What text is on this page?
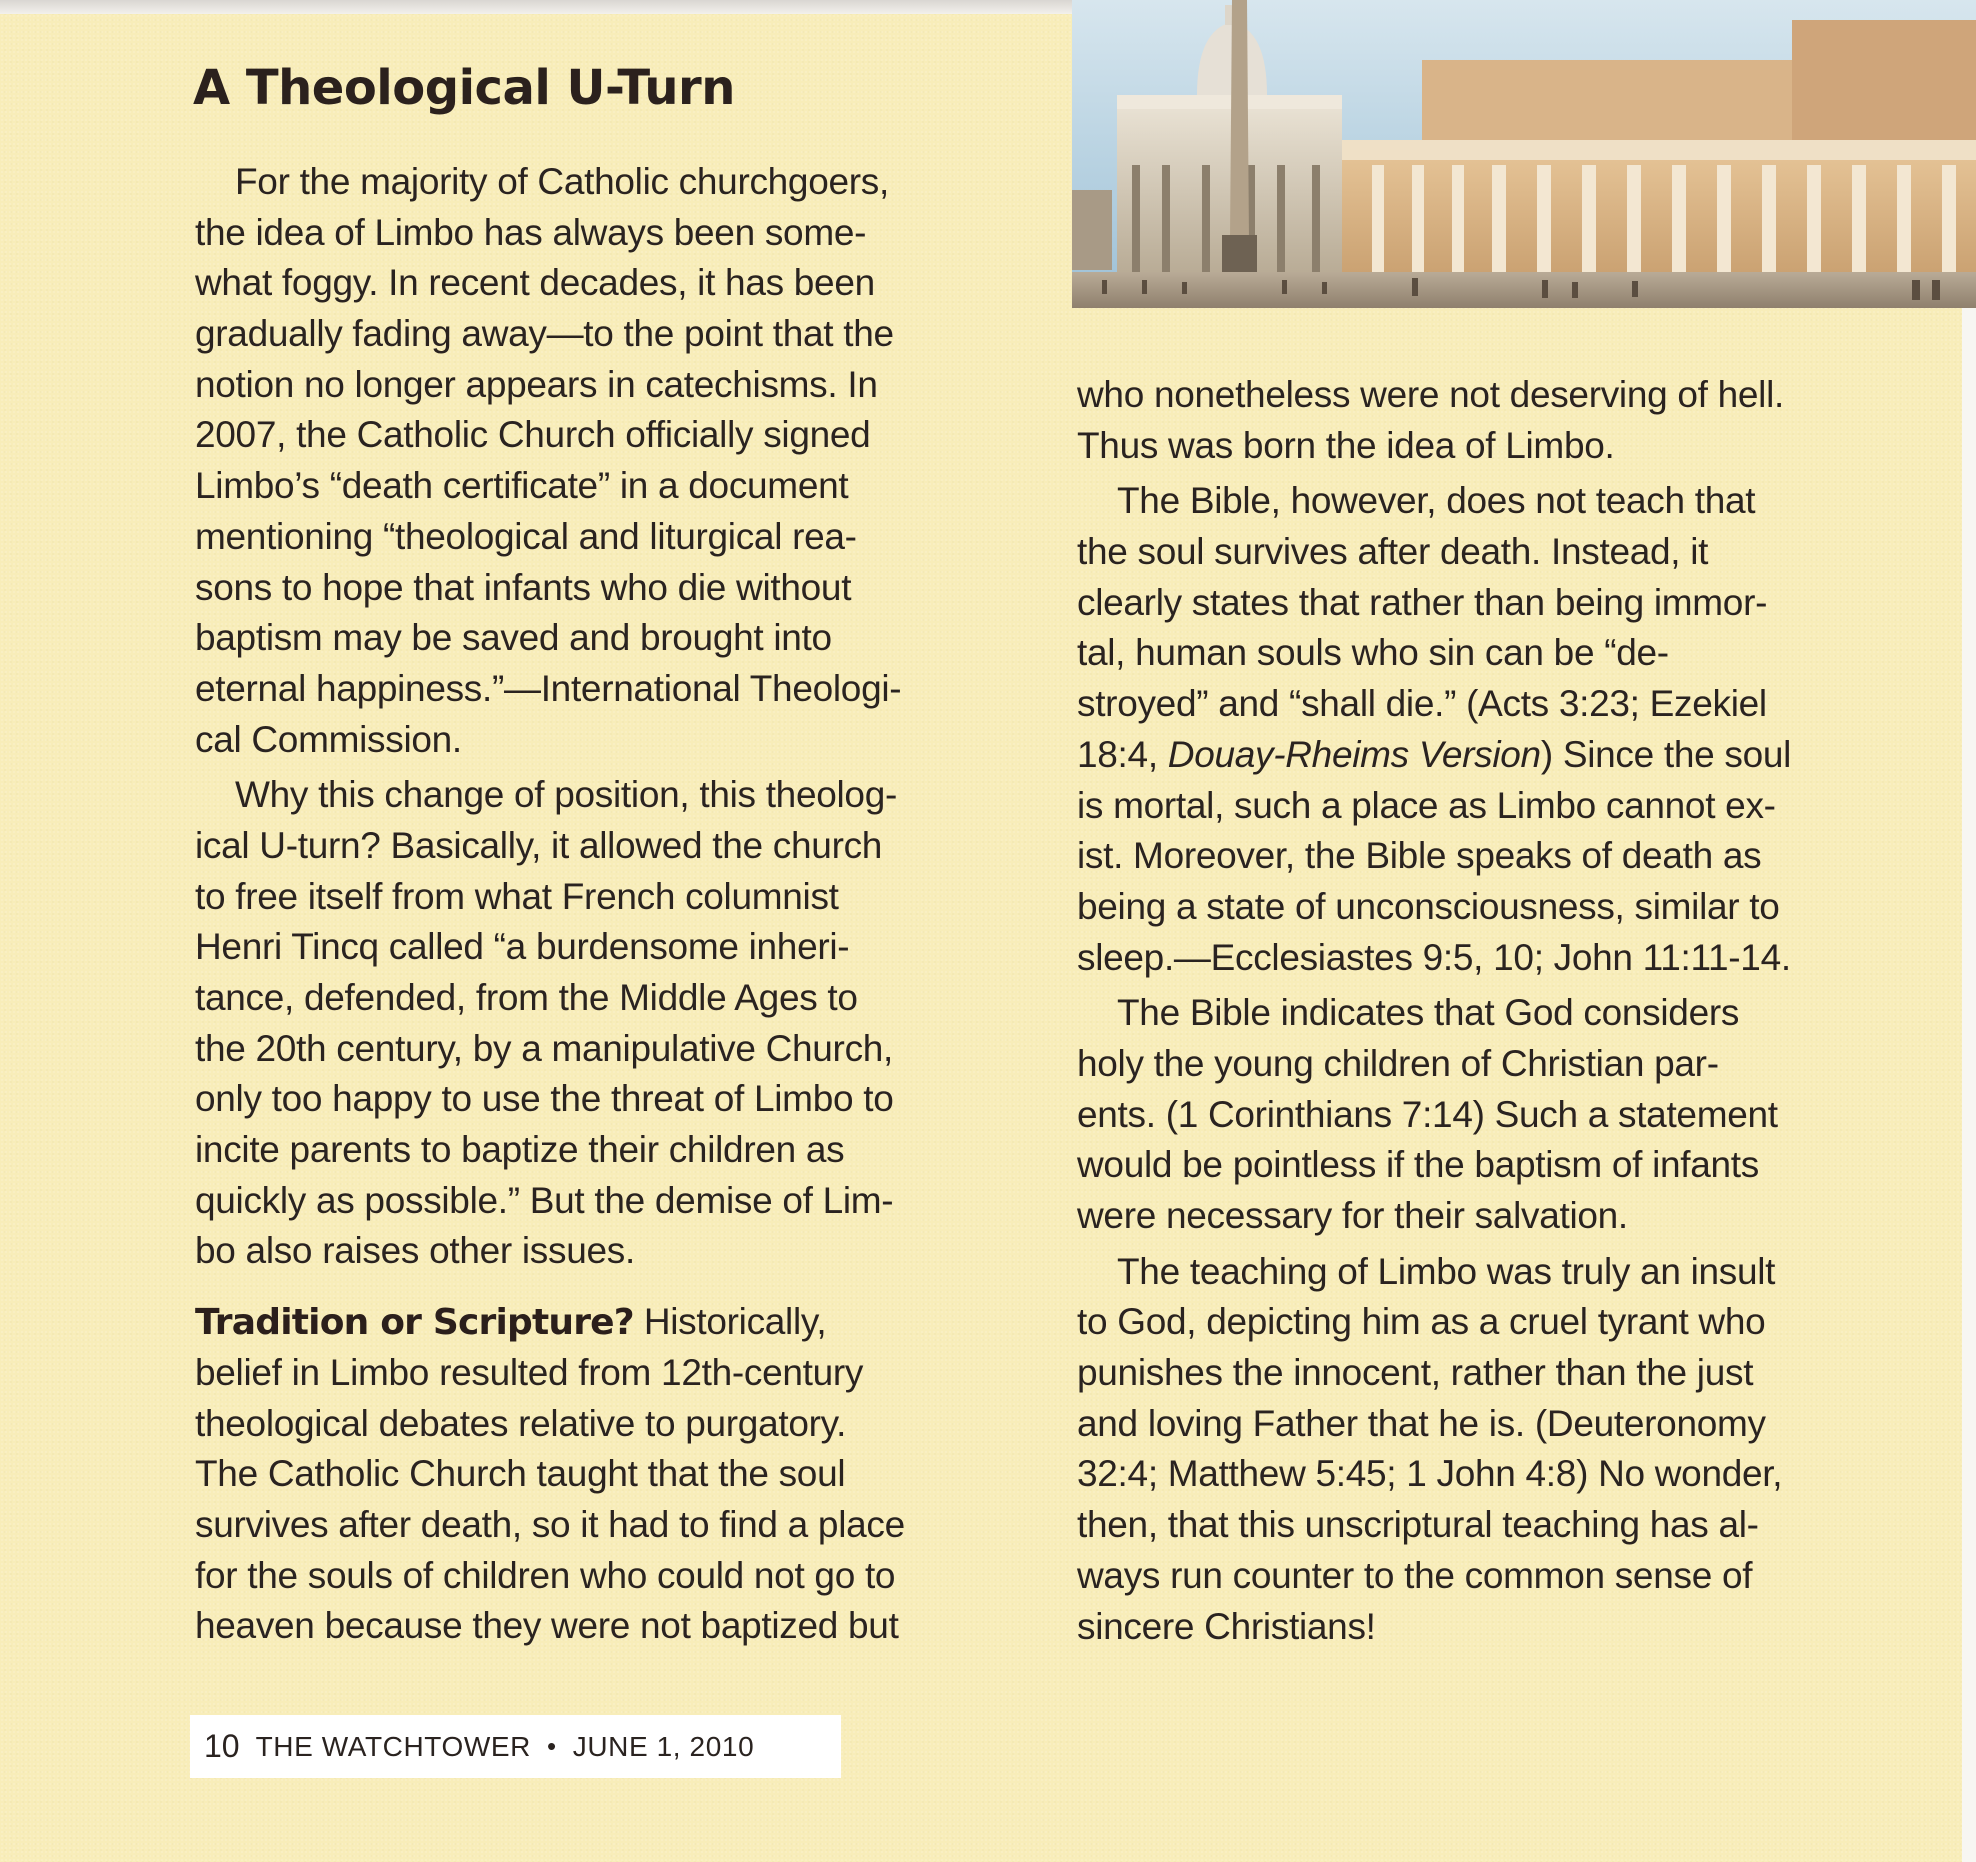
A Theological U-Turn
For the majority of Catholic churchgoers,
the idea of Limbo has always been some-
what foggy. In recent decades, it has been
gradually fading away—to the point that the
notion no longer appears in catechisms. In
2007, the Catholic Church officially signed
Limbo’s “death certificate” in a document
mentioning “theological and liturgical rea-
sons to hope that infants who die without
baptism may be saved and brought into
eternal happiness.”—International Theologi-
cal Commission.
Why this change of position, this theolog-
ical U-turn? Basically, it allowed the church
to free itself from what French columnist
Henri Tincq called “a burdensome inheri-
tance, defended, from the Middle Ages to
the 20th century, by a manipulative Church,
only too happy to use the threat of Limbo to
incite parents to baptize their children as
quickly as possible.” But the demise of Lim-
bo also raises other issues.
Tradition or Scripture? Historically,
belief in Limbo resulted from 12th-century
theological debates relative to purgatory.
The Catholic Church taught that the soul
survives after death, so it had to find a place
for the souls of children who could not go to
heaven because they were not baptized but
who nonetheless were not deserving of hell.
Thus was born the idea of Limbo.
The Bible, however, does not teach that
the soul survives after death. Instead, it
clearly states that rather than being immor-
tal, human souls who sin can be “de-
stroyed” and “shall die.” (Acts 3:23; Ezekiel
18:4, Douay-Rheims Version) Since the soul
is mortal, such a place as Limbo cannot ex-
ist. Moreover, the Bible speaks of death as
being a state of unconsciousness, similar to
sleep.—Ecclesiastes 9:5, 10; John 11:11-14.
The Bible indicates that God considers
holy the young children of Christian par-
ents. (1 Corinthians 7:14) Such a statement
would be pointless if the baptism of infants
were necessary for their salvation.
The teaching of Limbo was truly an insult
to God, depicting him as a cruel tyrant who
punishes the innocent, rather than the just
and loving Father that he is. (Deuteronomy
32:4; Matthew 5:45; 1 John 4:8) No wonder,
then, that this unscriptural teaching has al-
ways run counter to the common sense of
sincere Christians!
10 THE WATCHTOWER • JUNE 1, 2010
